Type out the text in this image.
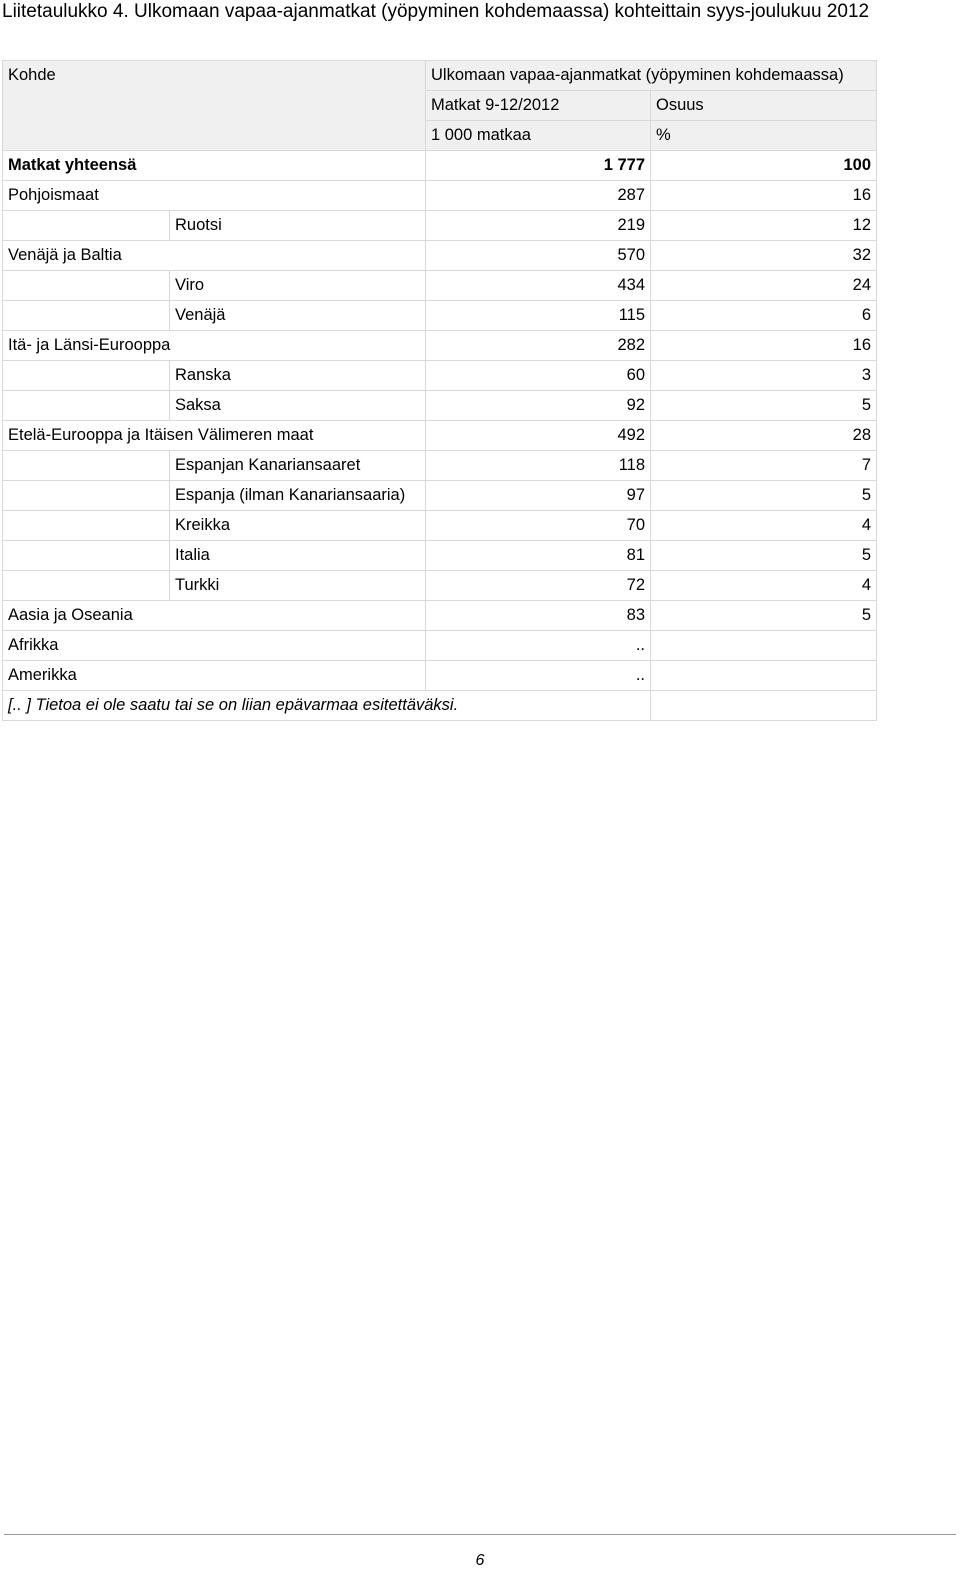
Liitetaulukko 4. Ulkomaan vapaa-ajanmatkat (yöpyminen kohdemaassa) kohteittain syys-joulukuu 2012
Kohde		Ulkomaan vapaa-ajanmatkat (yöpyminen kohdemaassa)	
		Matkat 9-12/2012	Osuus
		1 000 matkaa	%
Matkat yhteensä		1 777	100
Pohjoismaat		287	16
	Ruotsi	219	12
Venäjä ja Baltia		570	32
	Viro	434	24
	Venäjä	115	6
Itä- ja Länsi-Eurooppa		282	16
	Ranska	60	3
	Saksa	92	5
Etelä-Eurooppa ja Itäisen Välimeren maat		492	28
	Espanjan Kanariansaaret	118	7
	Espanja (ilman Kanariansaaria)	97	5
	Kreikka	70	4
	Italia	81	5
	Turkki	72	4
Aasia ja Oseania		83	5
Afrikka		..	
Amerikka		..	
[.. ] Tietoa ei ole saatu tai se on liian epävarmaa esitettäväksi.			
6
